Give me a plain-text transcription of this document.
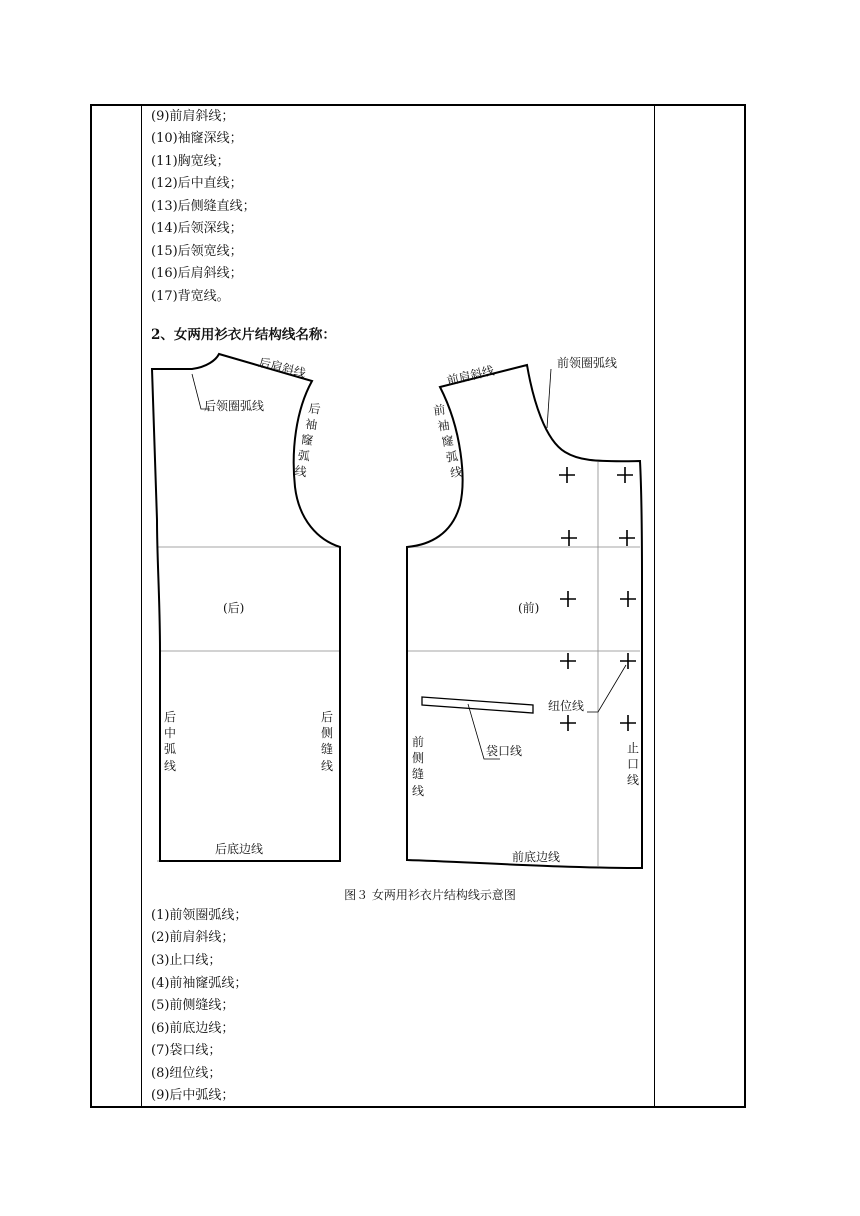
(9)前肩斜线；
(10)袖窿深线；
(11)胸宽线；
(12)后中直线；
(13)后侧缝直线；
(14)后领深线；
(15)后领宽线；
(16)后肩斜线；
(17)背宽线。
2、女两用衫衣片结构线名称：
后肩斜线
后领圈弧线	后
袖
窿
弧
线
(后)
后
中
弧
线
后
侧
缝
线
后底边线
前肩斜线
前领圈弧线
前
袖
窿
弧
线
(前)
前
侧
缝
线
袋口线
纽位线
止
口
线
前底边线
图３ 女两用衫衣片结构线示意图
(1)前领圈弧线；
(2)前肩斜线；
(3)止口线；
(4)前袖窿弧线；
(5)前侧缝线；
(6)前底边线；
(7)袋口线；
(8)纽位线；
(9)后中弧线；
